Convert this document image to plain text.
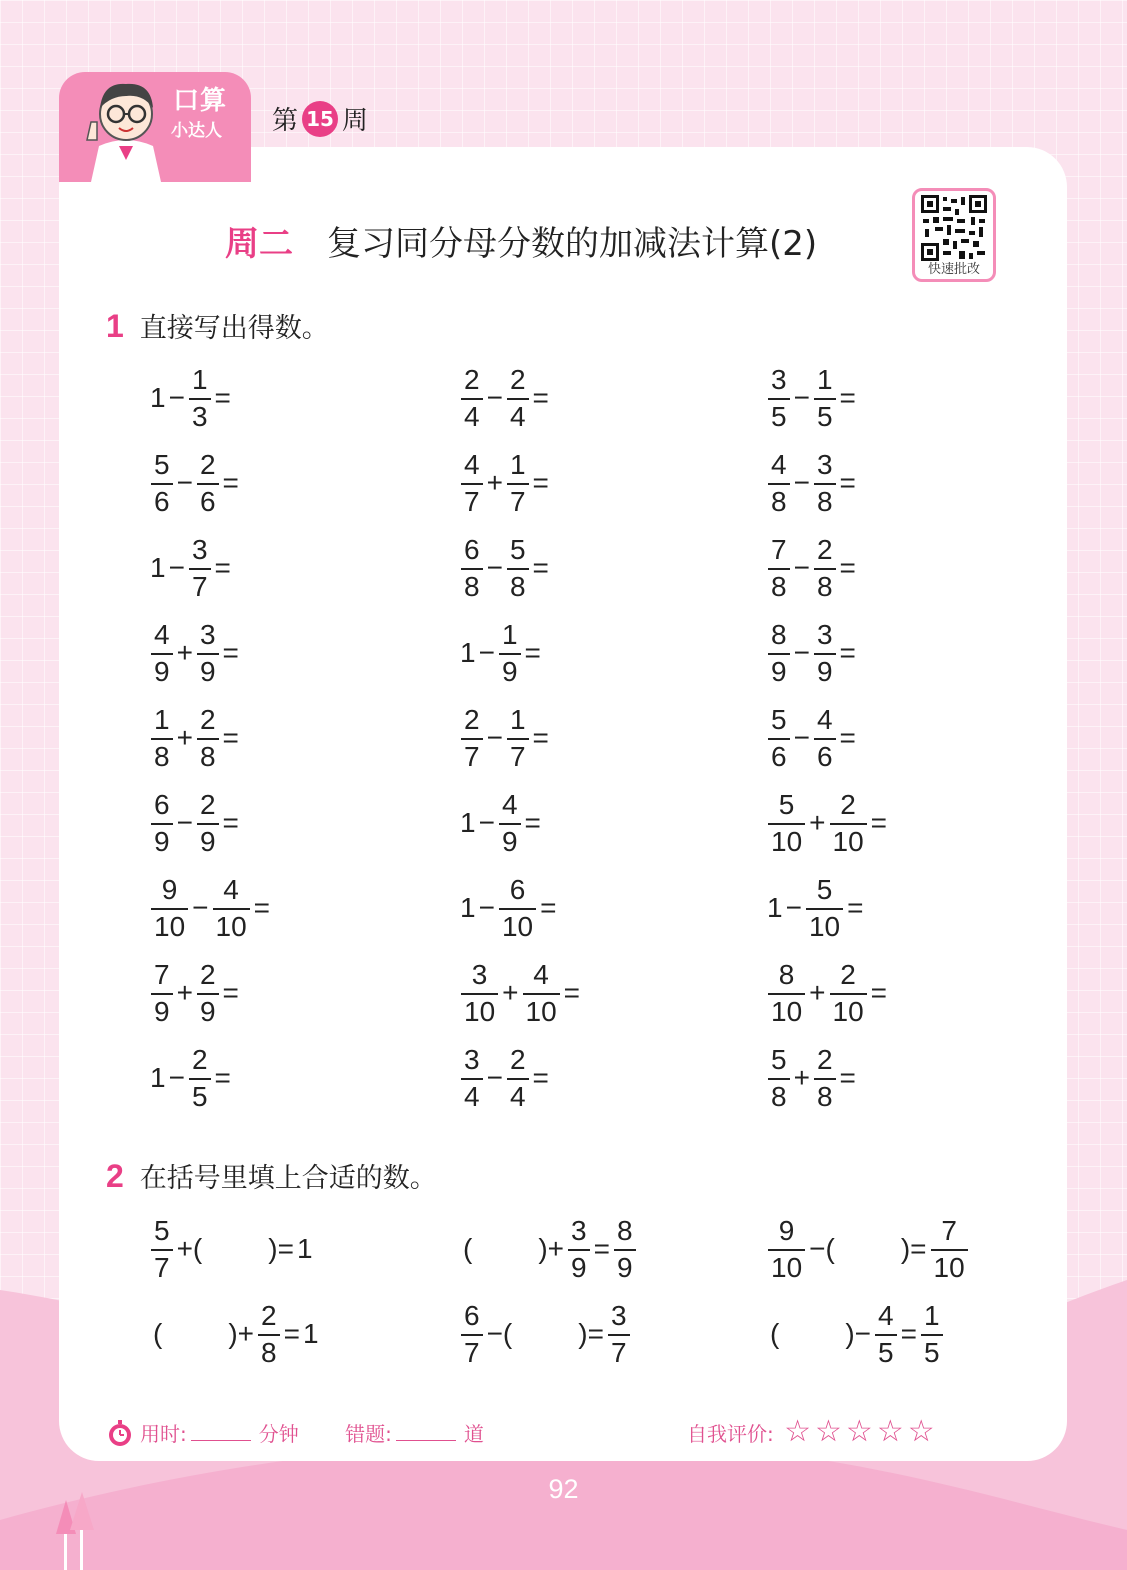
口算
小达人 第 15 周
周二 复习同分母分数的加减法计算(2)
快速批改
1 直接写出得数。
$1 - \frac{1}{3}$ =	$\frac{2}{4} - \frac{2}{4}$ =	$\frac{3}{5} - \frac{1}{5}$ =
$\frac{5}{6} - \frac{2}{6}$ =	$\frac{4}{7} + \frac{1}{7}$ =	$\frac{4}{8} - \frac{3}{8}$ =
$1 - \frac{3}{7}$ =	$\frac{6}{8} - \frac{5}{8}$ =	$\frac{7}{8} - \frac{2}{8}$ =
$\frac{4}{9} + \frac{3}{9}$ =	$1 - \frac{1}{9}$ =	$\frac{8}{9} - \frac{3}{9}$ =
$\frac{1}{8} + \frac{2}{8}$ =	$\frac{2}{7} - \frac{1}{7}$ =	$\frac{5}{6} - \frac{4}{6}$ =
$\frac{6}{9} - \frac{2}{9}$ =	$1 - \frac{4}{9}$ =	$\frac{5}{10} + \frac{2}{10}$ =
$\frac{9}{10} - \frac{4}{10}$ =	$1 - \frac{6}{10}$ =	$1 - \frac{5}{10}$ =
$\frac{7}{9} + \frac{2}{9}$ =	$\frac{3}{10} + \frac{4}{10}$ =	$\frac{8}{10} + \frac{2}{10}$ =
$1 - \frac{2}{5}$ =	$\frac{3}{4} - \frac{2}{4}$ =	$\frac{5}{8} + \frac{2}{8}$ =
2 在括号里填上合适的数。
$\frac{5}{7}$ +( )= 1	( )+ $\frac{3}{9} = \frac{8}{9}$	$\frac{9}{10}$ −( )= $\frac{7}{10}$
( )+ $\frac{2}{8} = 1$	$\frac{6}{7}$ −( )= $\frac{3}{7}$	( )− $\frac{4}{5} = \frac{1}{5}$
用时:	分钟 错题:	道	自我评价: ☆ ☆ ☆ ☆ ☆
92
